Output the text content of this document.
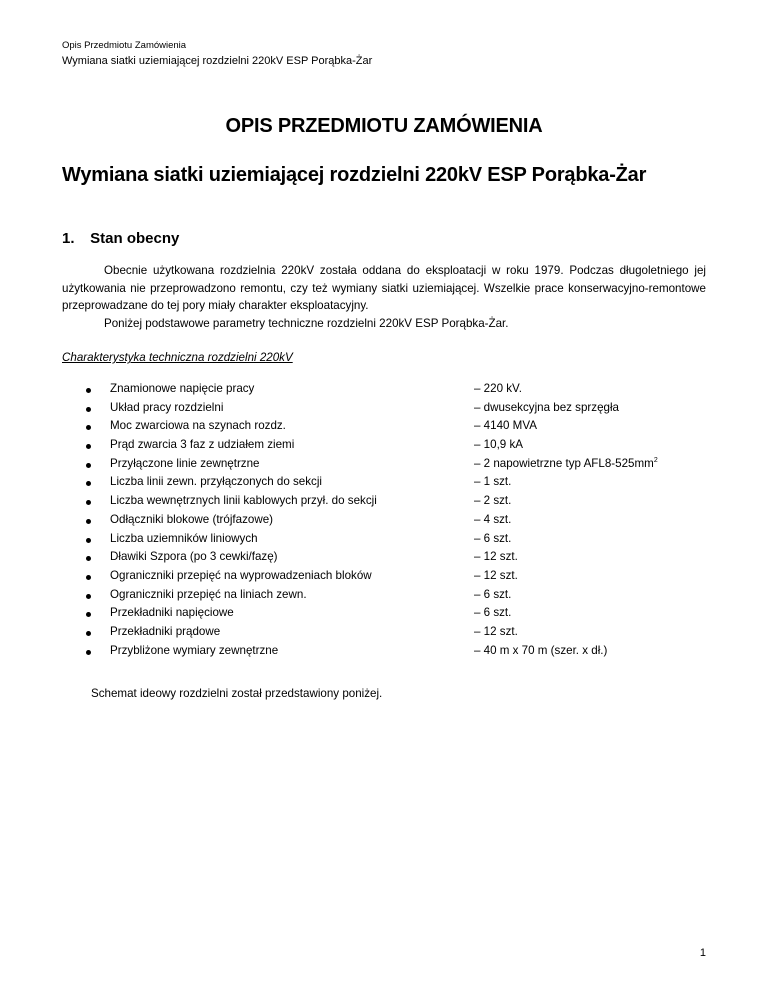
Opis Przedmiotu Zamówienia
Wymiana siatki uziemiającej rozdzielni 220kV ESP Porąbka-Żar
OPIS PRZEDMIOTU ZAMÓWIENIA
Wymiana siatki uziemiającej rozdzielni 220kV ESP Porąbka-Żar
1. Stan obecny

Obecnie użytkowana rozdzielnia 220kV została oddana do eksploatacji w roku 1979. Podczas długoletniego jej użytkowania nie przeprowadzono remontu, czy też wymiany siatki uziemiającej. Wszelkie prace konserwacyjno-remontowe przeprowadzane do tej pory miały charakter eksploatacyjny.

Poniżej podstawowe parametry techniczne rozdzielni 220kV ESP Porąbka-Żar.

Charakterystyka techniczna rozdzielni 220kV
Znamionowe napięcie pracy	– 220 kV.
Układ pracy rozdzielni	– dwusekcyjna bez sprzęgła
Moc zwarciowa na szynach rozdz.	– 4140 MVA
Prąd zwarcia 3 faz z udziałem ziemi	– 10,9 kA
Przyłączone linie zewnętrzne	– 2 napowietrzne typ $AFL8-525mm^2$
Liczba linii zewn. przyłączonych do sekcji	– 1 szt.
Liczba wewnętrznych linii kablowych przył. do sekcji	– 2 szt.
Odłączniki blokowe (trójfazowe)	– 4 szt.
Liczba uziemników liniowych	– 6 szt.
Dławiki Szpora (po 3 cewki/fazę)	– 12 szt.
Ograniczniki przepięć na wyprowadzeniach bloków	– 12 szt.
Ograniczniki przepięć na liniach zewn.	– 6 szt.
Przekładniki napięciowe	– 6 szt.
Przekładniki prądowe	– 12 szt.
Przybliżone wymiary zewnętrzne	– 40 m x 70 m (szer. x dł.)
Schemat ideowy rozdzielni został przedstawiony poniżej.
1
